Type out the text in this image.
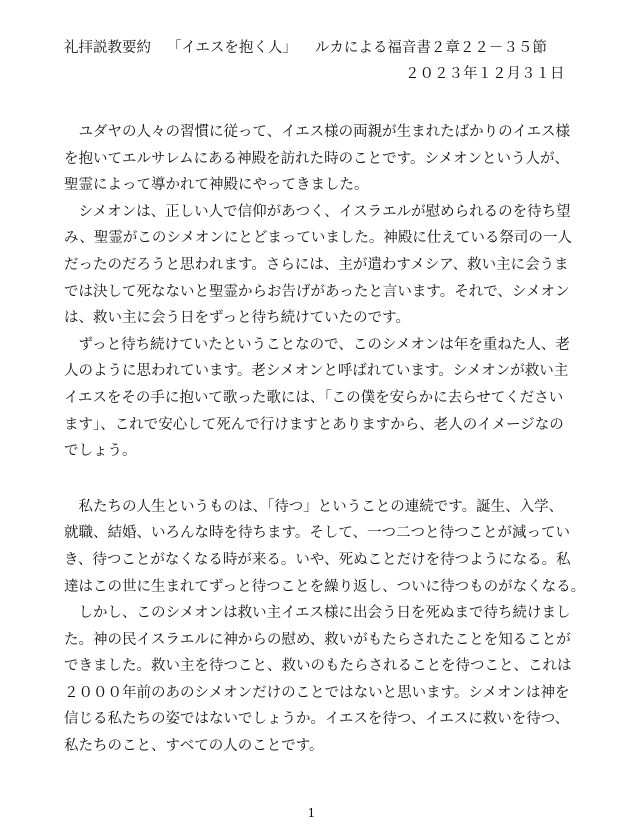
礼拝説教要約 「イエスを抱く人」 ルカによる福音書２章２２－３５節
２０２３年１２月３１日
　ユダヤの人々の習慣に従って、イエス様の両親が生まれたばかりのイエス様
を抱いてエルサレムにある神殿を訪れた時のことです。シメオンという人が、
聖霊によって導かれて神殿にやってきました。
　シメオンは、正しい人で信仰があつく、イスラエルが慰められるのを待ち望
み、聖霊がこのシメオンにとどまっていました。神殿に仕えている祭司の一人
だったのだろうと思われます。さらには、主が遣わすメシア、救い主に会うま
では決して死なないと聖霊からお告げがあったと言います。それで、シメオン
は、救い主に会う日をずっと待ち続けていたのです。
　ずっと待ち続けていたということなので、このシメオンは年を重ねた人、老
人のように思われています。老シメオンと呼ばれています。シメオンが救い主
イエスをその手に抱いて歌った歌には、「この僕を安らかに去らせてください
ます」、これで安心して死んで行けますとありますから、老人のイメージなの
でしょう。
　私たちの人生というものは、「待つ」ということの連続です。誕生、入学、
就職、結婚、いろんな時を待ちます。そして、一つ二つと待つことが減ってい
き、待つことがなくなる時が来る。いや、死ぬことだけを待つようになる。私
達はこの世に生まれてずっと待つことを繰り返し、ついに待つものがなくなる。
　しかし、このシメオンは救い主イエス様に出会う日を死ぬまで待ち続けまし
た。神の民イスラエルに神からの慰め、救いがもたらされたことを知ることが
できました。救い主を待つこと、救いのもたらされることを待つこと、これは
２０００年前のあのシメオンだけのことではないと思います。シメオンは神を
信じる私たちの姿ではないでしょうか。イエスを待つ、イエスに救いを待つ、
私たちのこと、すべての人のことです。
1
